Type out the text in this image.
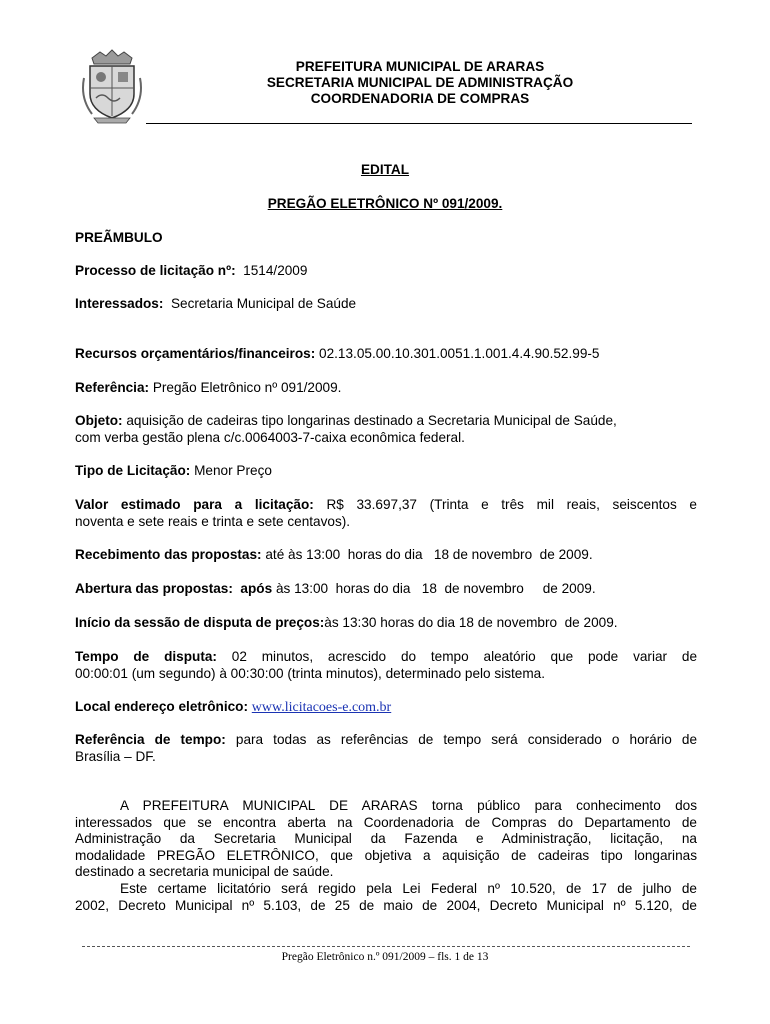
PREFEITURA MUNICIPAL DE ARARAS
SECRETARIA MUNICIPAL DE ADMINISTRAÇÃO
COORDENADORIA DE COMPRAS
EDITAL
PREGÃO ELETRÔNICO Nº 091/2009.
PREÃMBULO
Processo de licitação nº: 1514/2009
Interessados: Secretaria Municipal de Saúde
Recursos orçamentários/financeiros: 02.13.05.00.10.301.0051.1.001.4.4.90.52.99-5
Referência: Pregão Eletrônico nº 091/2009.
Objeto: aquisição de cadeiras tipo longarinas destinado a Secretaria Municipal de Saúde,
com verba gestão plena c/c.0064003-7-caixa econômica federal.
Tipo de Licitação: Menor Preço
Valor estimado para a licitação: R$ 33.697,37 (Trinta e três mil reais, seiscentos e
noventa e sete reais e trinta e sete centavos).
Recebimento das propostas: até às 13:00  horas do dia   18 de novembro  de 2009.
Abertura das propostas:  após às 13:00  horas do dia   18  de novembro     de 2009.
Início da sessão de disputa de preços:às 13:30 horas do dia 18 de novembro  de 2009.
Tempo de disputa: 02 minutos, acrescido do tempo aleatório que pode variar de
00:00:01 (um segundo) à 00:30:00 (trinta minutos), determinado pelo sistema.
Local endereço eletrônico: www.licitacoes-e.com.br
Referência de tempo: para todas as referências de tempo será considerado o horário de
Brasília – DF.
A PREFEITURA MUNICIPAL DE ARARAS torna público para conhecimento dos
interessados que se encontra aberta na Coordenadoria de Compras do Departamento de
Administração da Secretaria Municipal da Fazenda e Administração, licitação, na
modalidade PREGÃO ELETRÔNICO, que objetiva a aquisição de cadeiras tipo longarinas
destinado a secretaria municipal de saúde.
Este certame licitatório será regido pela Lei Federal nº 10.520, de 17 de julho de
2002, Decreto Municipal nº 5.103, de 25 de maio de 2004, Decreto Municipal nº 5.120, de
Pregão Eletrônico n.º 091/2009 – fls. 1 de 13
